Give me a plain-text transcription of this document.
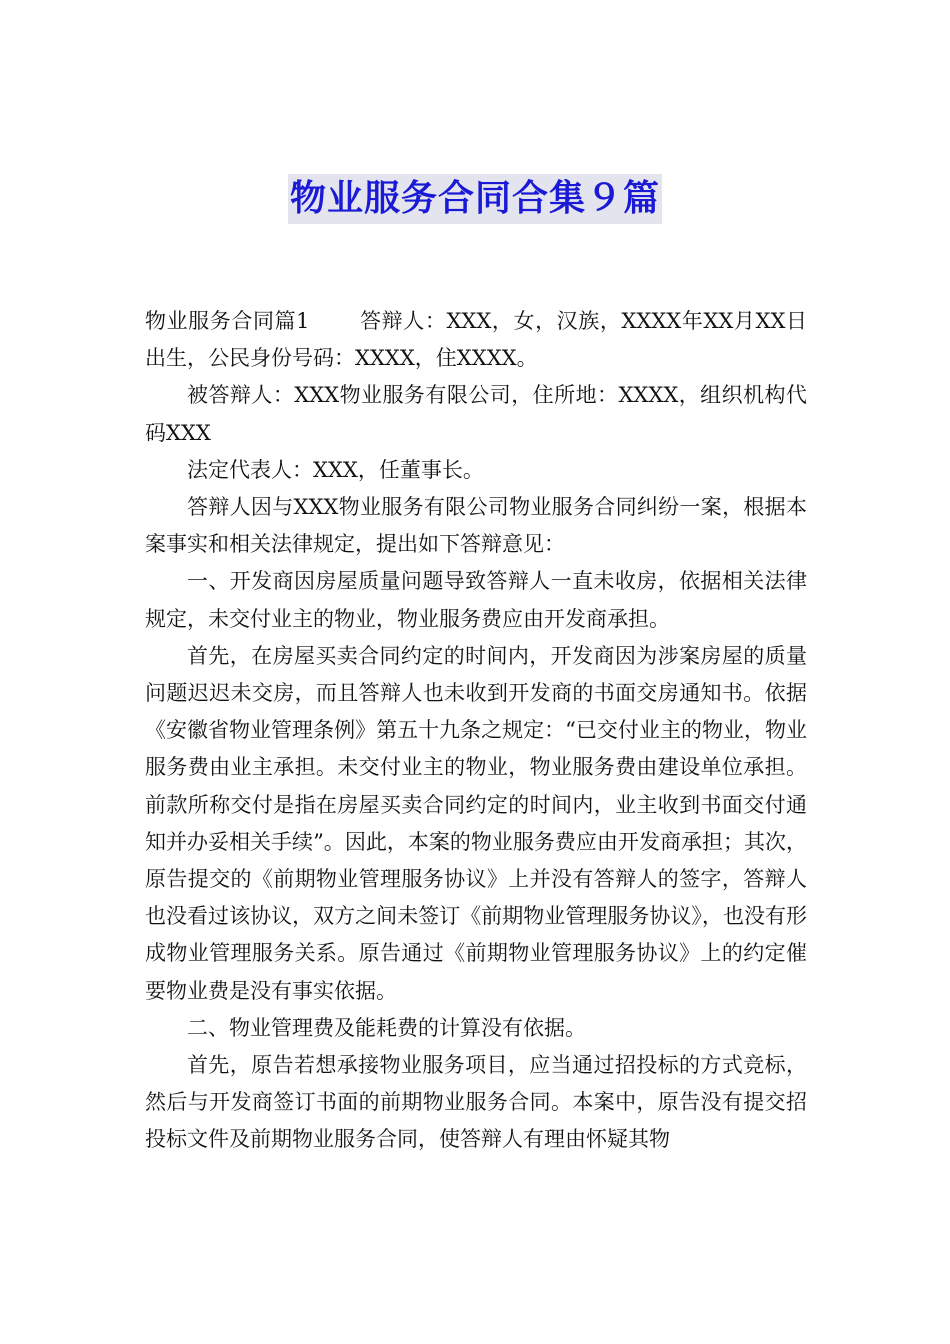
物业服务合同合集９篇

物业服务合同篇1 答辩人：XXX，女，汉族，XXXX年XX月XX日出生，公民身份号码：XXXX，住XXXX。

被答辩人：XXX物业服务有限公司，住所地：XXXX，组织机构代码XXX

法定代表人：XXX，任董事长。

答辩人因与XXX物业服务有限公司物业服务合同纠纷一案，根据本案事实和相关法律规定，提出如下答辩意见：

一、开发商因房屋质量问题导致答辩人一直未收房，依据相关法律规定，未交付业主的物业，物业服务费应由开发商承担。

首先，在房屋买卖合同约定的时间内，开发商因为涉案房屋的质量问题迟迟未交房，而且答辩人也未收到开发商的书面交房通知书。依据《安徽省物业管理条例》第五十九条之规定：“已交付业主的物业，物业服务费由业主承担。未交付业主的物业，物业服务费由建设单位承担。前款所称交付是指在房屋买卖合同约定的时间内，业主收到书面交付通知并办妥相关手续”。因此，本案的物业服务费应由开发商承担；其次，原告提交的《前期物业管理服务协议》上并没有答辩人的签字，答辩人也没看过该协议，双方之间未签订《前期物业管理服务协议》，也没有形成物业管理服务关系。原告通过《前期物业管理服务协议》上的约定催要物业费是没有事实依据。

二、物业管理费及能耗费的计算没有依据。

首先，原告若想承接物业服务项目，应当通过招投标的方式竞标，然后与开发商签订书面的前期物业服务合同。本案中，原告没有提交招投标文件及前期物业服务合同，使答辩人有理由怀疑其物
